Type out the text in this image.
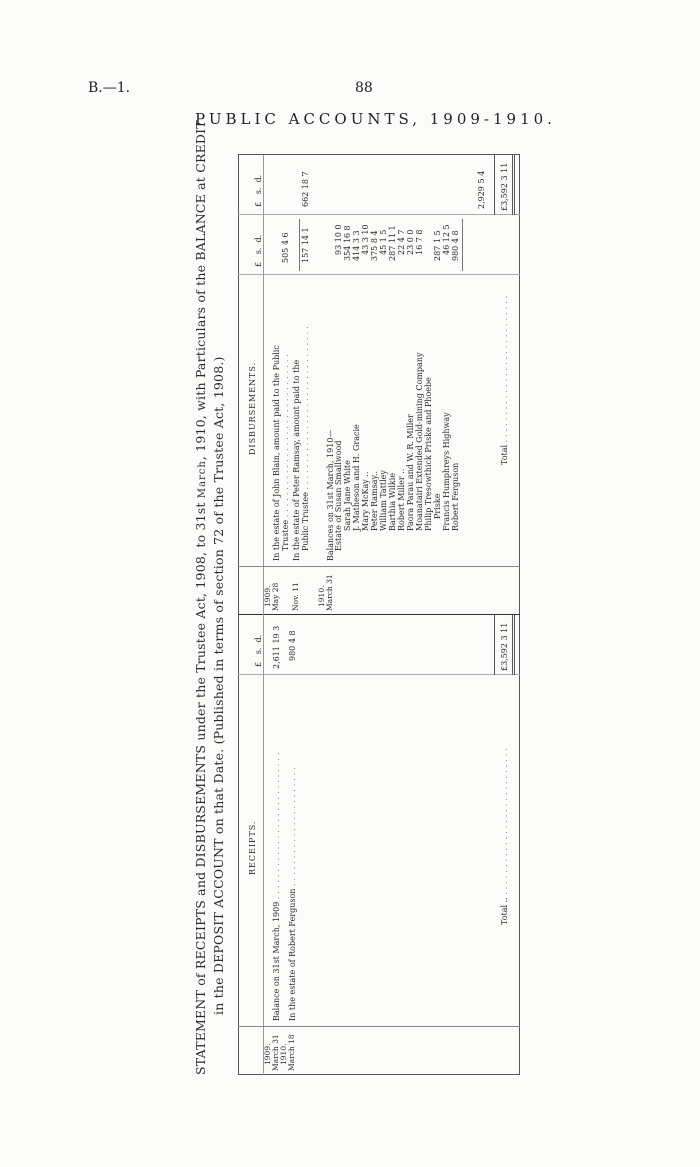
B.—1.	88
PUBLIC ACCOUNTS, 1909-1910.
STATEMENT of RECEIPTS and DISBURSEMENTS under the Trustee Act, 1908, to 31st March, 1910, with Particulars of the BALANCE at CREDIT
in the DEPOSIT ACCOUNT on that Date. (Published in terms of section 72 of the Trustee Act, 1908.)	RECEIPTS.
DISBURSEMENTS.
£   s.  d.
£   s.  d.
£   s.  d.
1909. March 31
Balance on 31st March, 1909 ...........................
2,611 19 3
1910. March 18
In the estate of Robert Ferguson ......................
980 4 8
Total .. ...........................
£3,592 3 11
1909. May 28
In the estate of John Blain, amount paid to the Public Trustee ..............................
505 4 6
Nov. 11
In the estate of Peter Ramsay, amount paid to the Public Trustee ..............................
157 14 1
662 18 7
1910. March 31
Balances on 31st March, 1910— Estate of Susan Smallwood
93 10 0
Sarah Jane White
354 16 8
J. Matheson and H. Gracie
414 3 3
Mary McKay ..
43 3 10
Peter Ramsay..
375 8 4
William Tattley
45 1 5
Barthia Wilkie
287 11 1
Robert Miller ..
22 4 7
Paora Parau and W. R. Miller
23 0 0
Moanatairi Extended Gold-mining Company
16 7 8
Philip Tresowthick Priske and Phoebe Priske
287 1 5
Francis Humphreys Highway
46 12 5
Robert Ferguson
980 4 8
2,929 5 4
Total ...........................
£3,592 3 11
